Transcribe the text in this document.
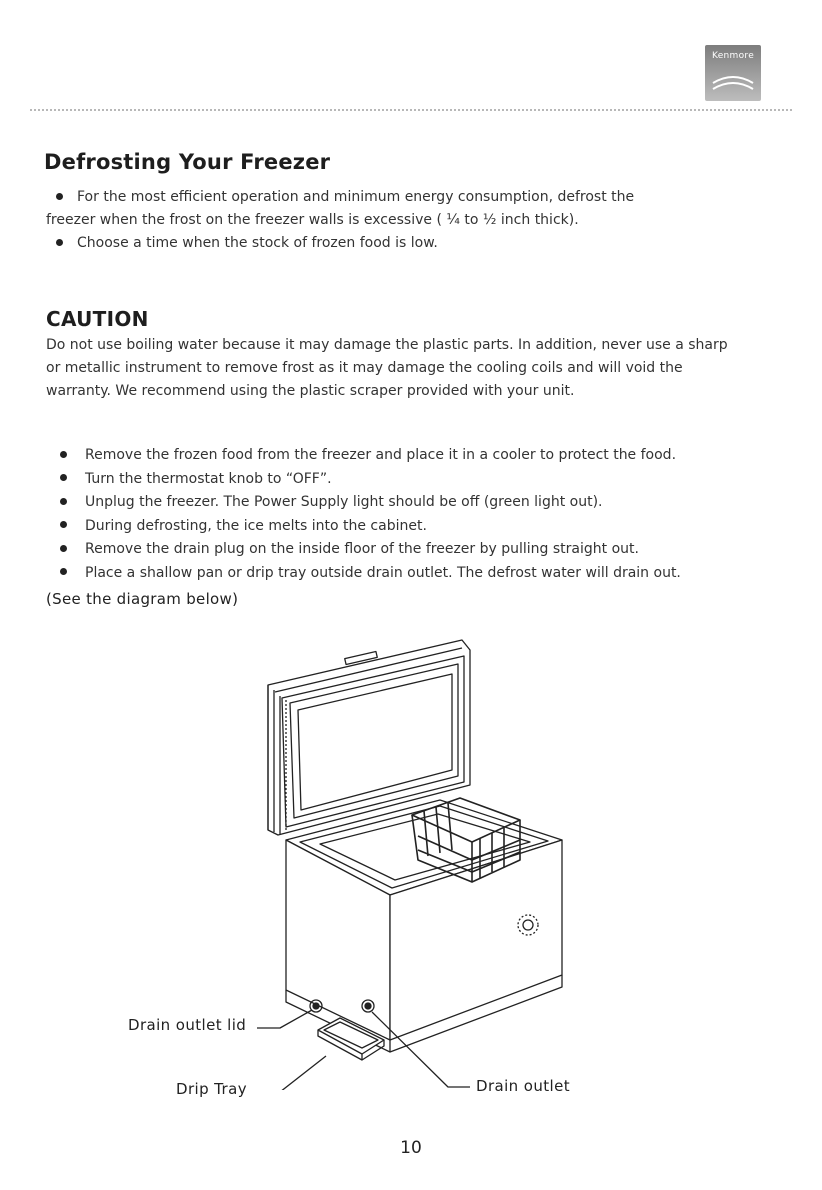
Kenmore
Defrosting Your Freezer
For the most efficient operation and minimum energy consumption, defrost the
freezer when the frost on the freezer walls is excessive ( ¼ to ½ inch thick).
Choose a time when the stock of frozen food is low.
CAUTION
Do not use boiling water because it may damage the plastic parts. In addition, never use a sharp
or metallic instrument to remove frost as it may damage the cooling coils and will void the
warranty. We recommend using the plastic scraper provided with your unit.
Remove the frozen food from the freezer and place it in a cooler to protect the food.
Turn the thermostat knob to “OFF”.
Unplug the freezer. The Power Supply light should be off (green light out).
During defrosting, the ice melts into the cabinet.
Remove the drain plug on the inside floor of the freezer by pulling straight out.
Place a shallow pan or drip tray outside drain outlet. The defrost water will drain out.

(See the diagram below)

Drain outlet lid

Drip Tray	Drain outlet

10
